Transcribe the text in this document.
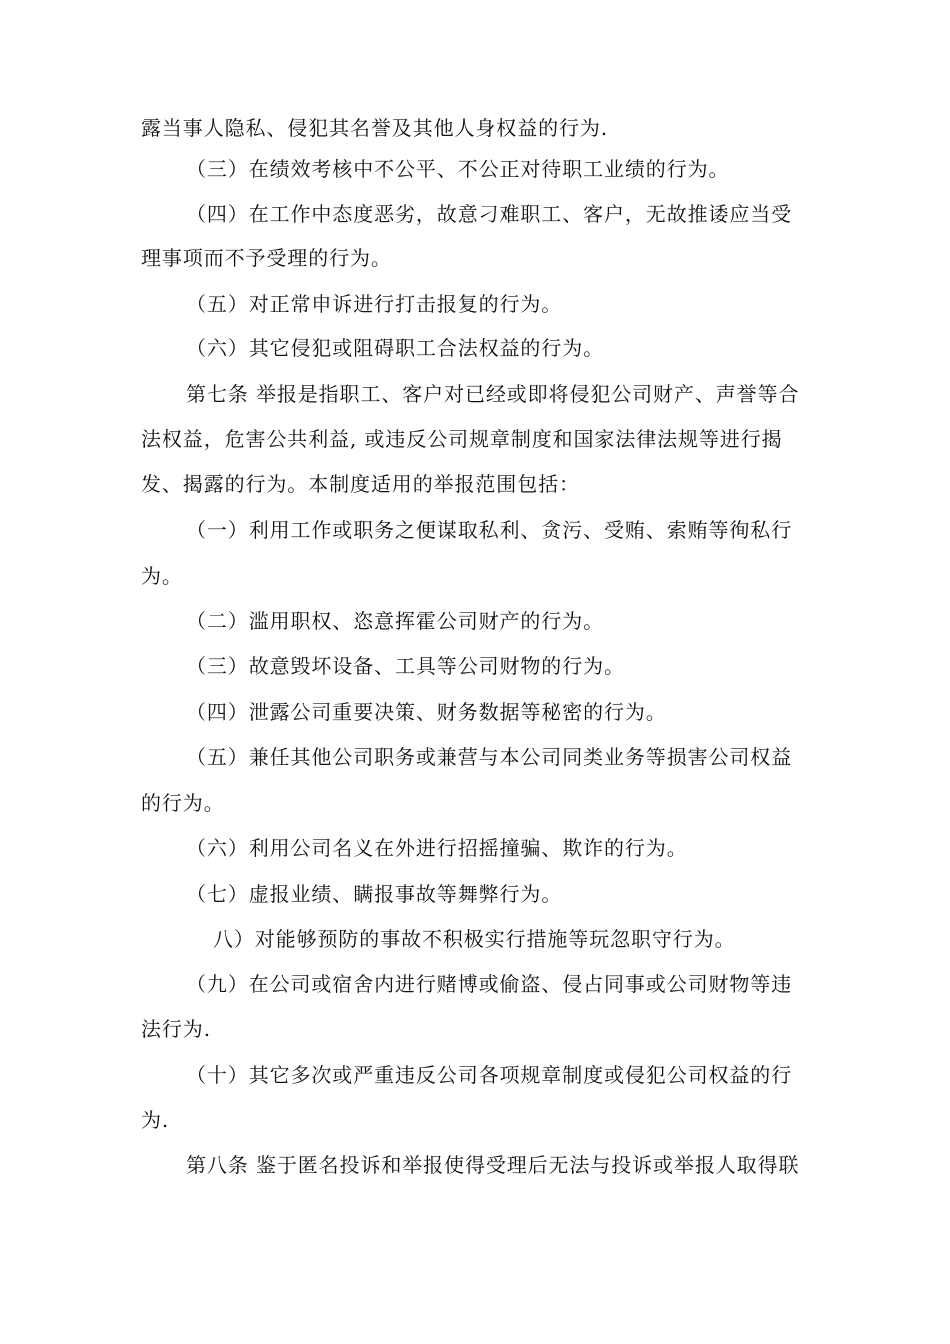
露当事人隐私、侵犯其名誉及其他人身权益的行为.
（三）在绩效考核中不公平、不公正对待职工业绩的行为。
（四）在工作中态度恶劣，故意刁难职工、客户，无故推诿应当受
理事项而不予受理的行为。
（五）对正常申诉进行打击报复的行为。
（六）其它侵犯或阻碍职工合法权益的行为。
第七条 举报是指职工、客户对已经或即将侵犯公司财产、声誉等合
法权益，危害公共利益, 或违反公司规章制度和国家法律法规等进行揭
发、揭露的行为。本制度适用的举报范围包括：
（一）利用工作或职务之便谋取私利、贪污、受贿、索贿等徇私行
为。
（二）滥用职权、恣意挥霍公司财产的行为。
（三）故意毁坏设备、工具等公司财物的行为。
（四）泄露公司重要决策、财务数据等秘密的行为。
（五）兼任其他公司职务或兼营与本公司同类业务等损害公司权益
的行为。
（六）利用公司名义在外进行招摇撞骗、欺诈的行为。
（七）虚报业绩、瞒报事故等舞弊行为。
八）对能够预防的事故不积极实行措施等玩忽职守行为。
（九）在公司或宿舍内进行赌博或偷盗、侵占同事或公司财物等违
法行为.
（十）其它多次或严重违反公司各项规章制度或侵犯公司权益的行
为.
第八条 鉴于匿名投诉和举报使得受理后无法与投诉或举报人取得联
